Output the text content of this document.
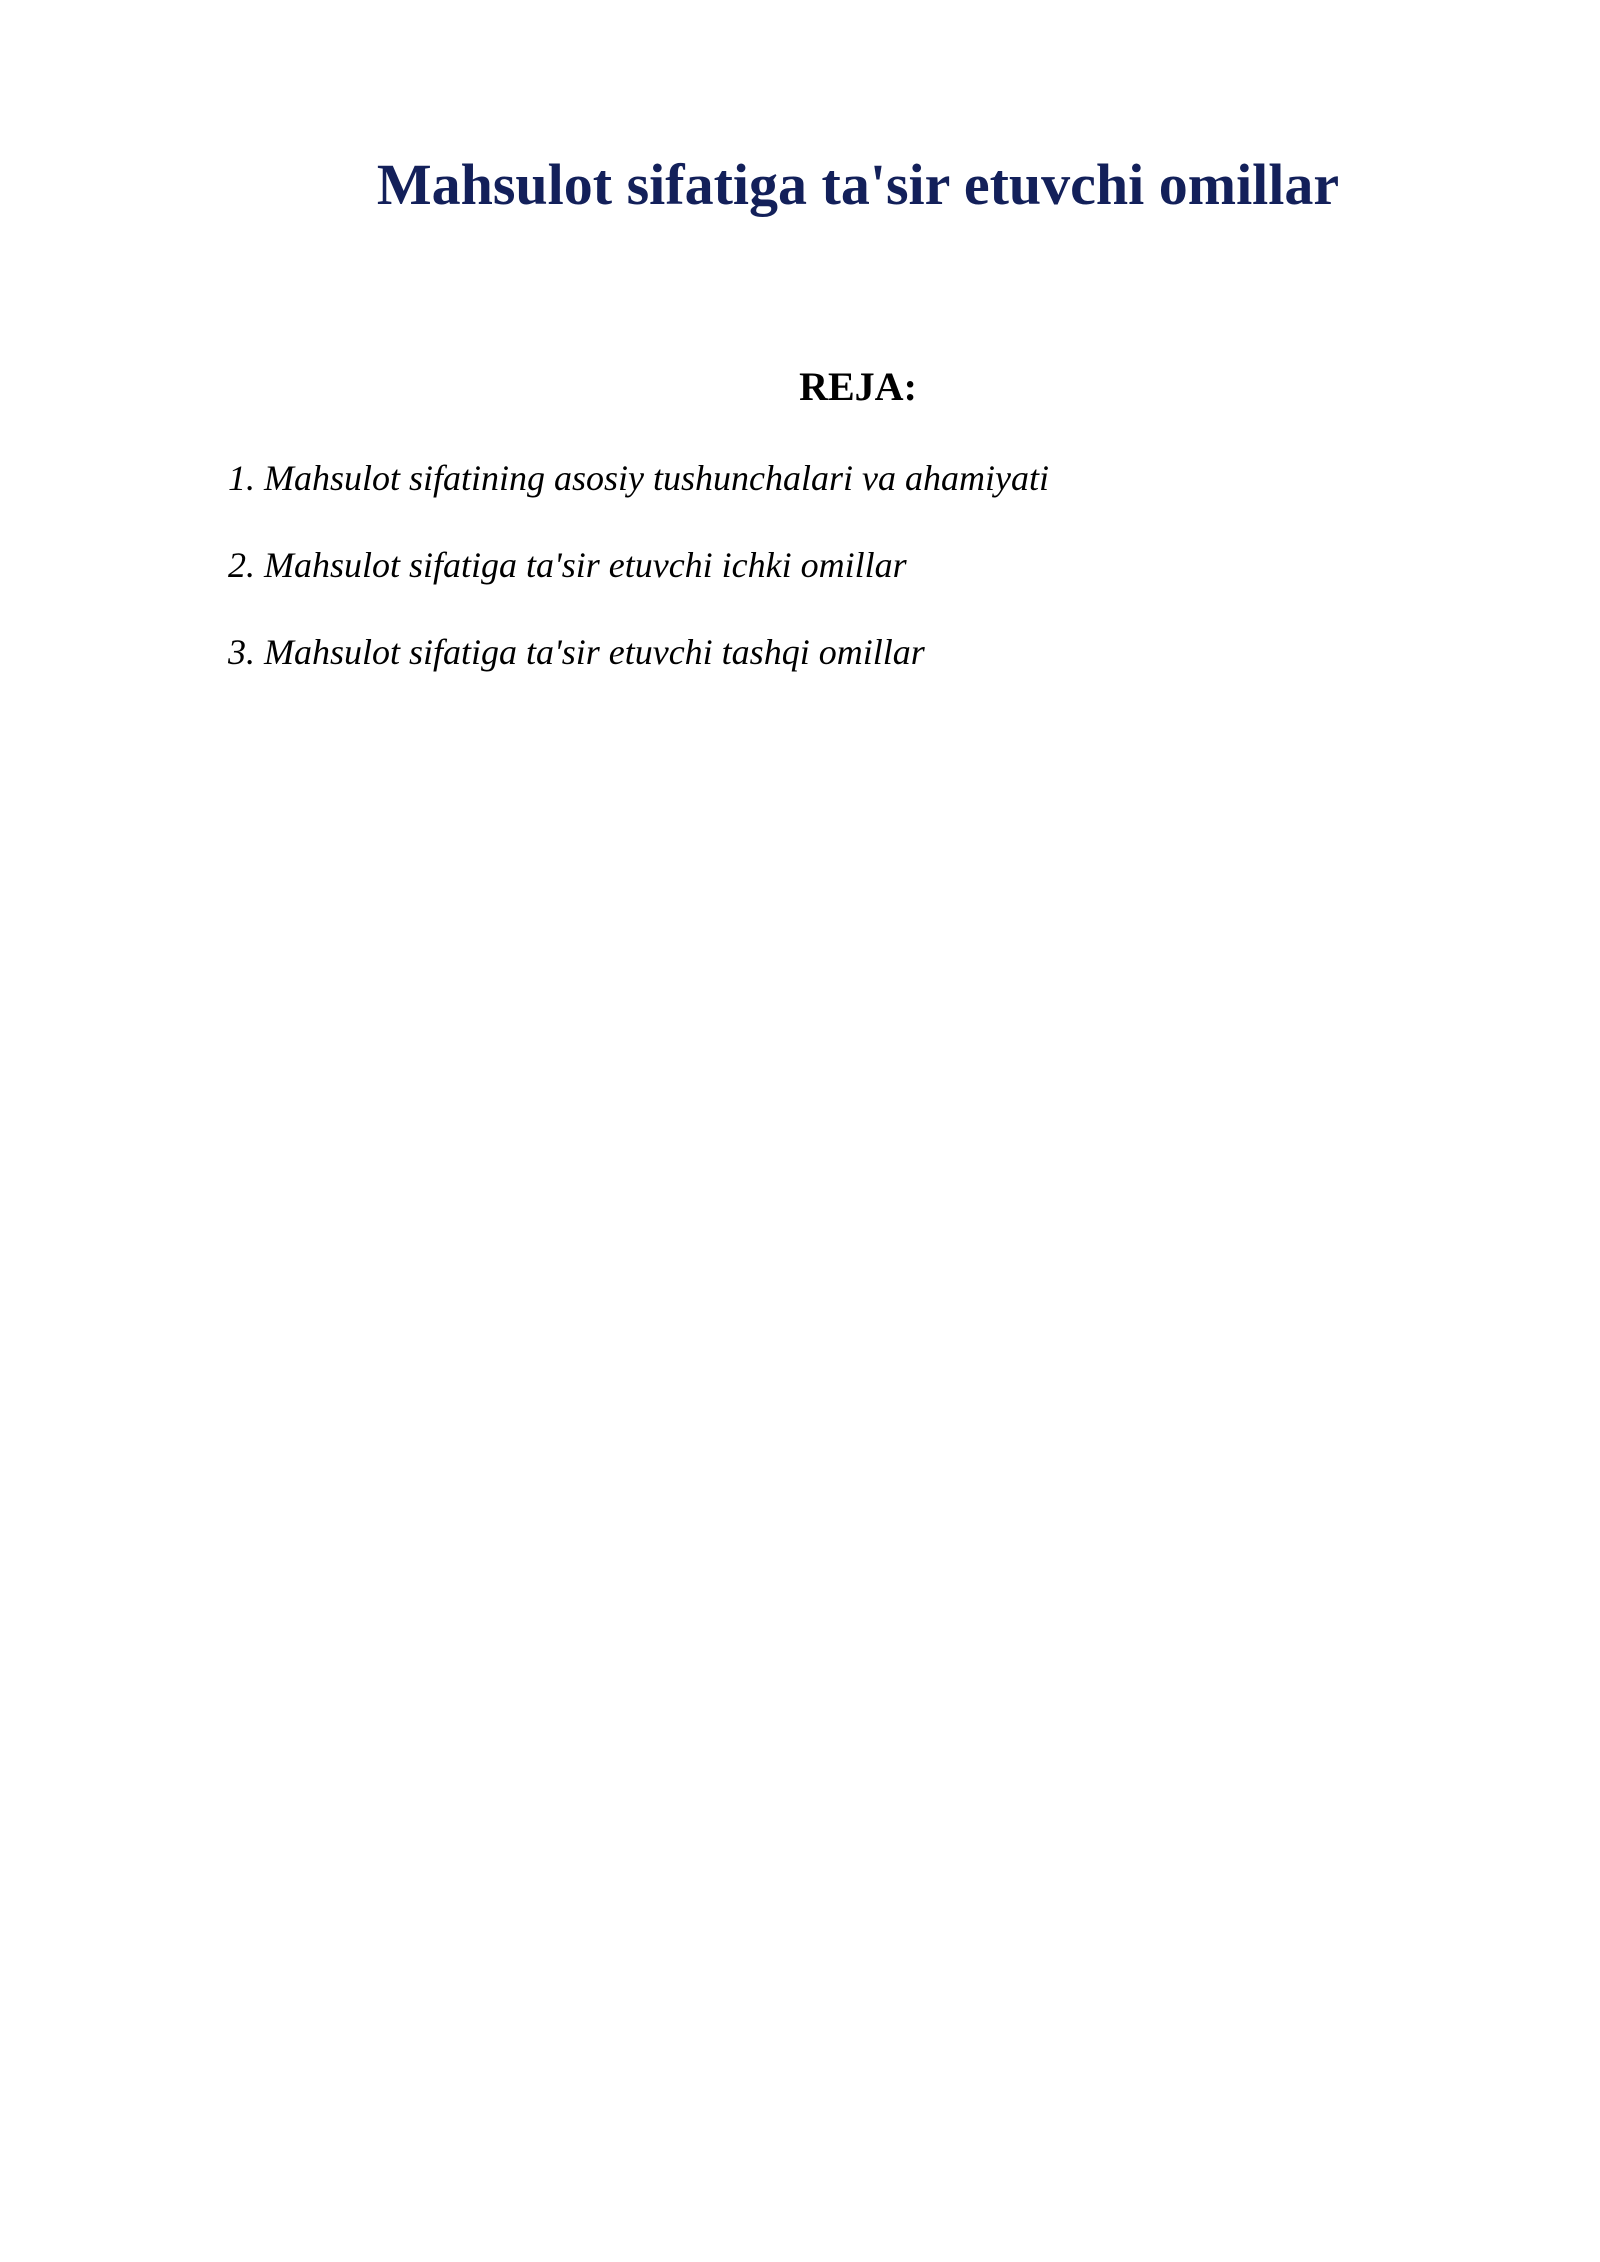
Mahsulot sifatiga ta'sir etuvchi omillar
REJA:
1. Mahsulot sifatining asosiy tushunchalari va ahamiyati
2. Mahsulot sifatiga ta'sir etuvchi ichki omillar
3. Mahsulot sifatiga ta'sir etuvchi tashqi omillar
